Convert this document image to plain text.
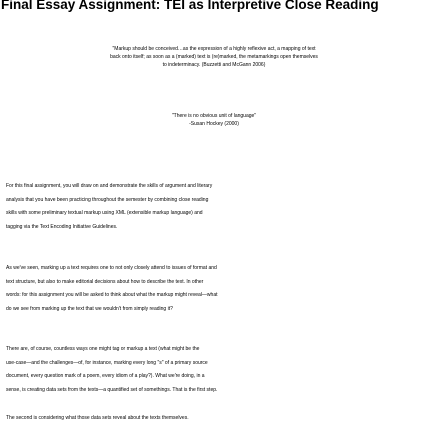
Final Essay Assignment: TEI as Interpretive Close Reading

"Markup should be conceived…as the expression of a highly reflexive act, a mapping of text
back onto itself; as soon as a (marked) text is (re)marked, the metamarkings open themselves
to indeterminacy. (Buzzetti and McGann 2006)

"There is no obvious unit of language"
-Susan Hockey (2000)

For this final assignment, you will draw on and demonstrate the skills of argument and literary
analysis that you have been practicing throughout the semester by combining close reading
skills with some preliminary textual markup using XML (extensible markup language) and
tagging via the Text Encoding Initiative Guidelines.

As we've seen, marking up a text requires one to not only closely attend to issues of format and
text structure, but also to make editorial decisions about how to describe the text. In other
words: for this assignment you will be asked to think about what the markup might reveal—what
do we see from marking up the text that we wouldn't from simply reading it?

There are, of course, countless ways one might tag or markup a text (what might be the
use-case—and the challenges—of, for instance, marking every long "s" of a primary source
document, every question mark of a poem, every idiom of a play?). What we're doing, in a
sense, is creating data sets from the texts—a quantified set of somethings. That is the first step.

The second is considering what those data sets reveal about the texts themselves.
